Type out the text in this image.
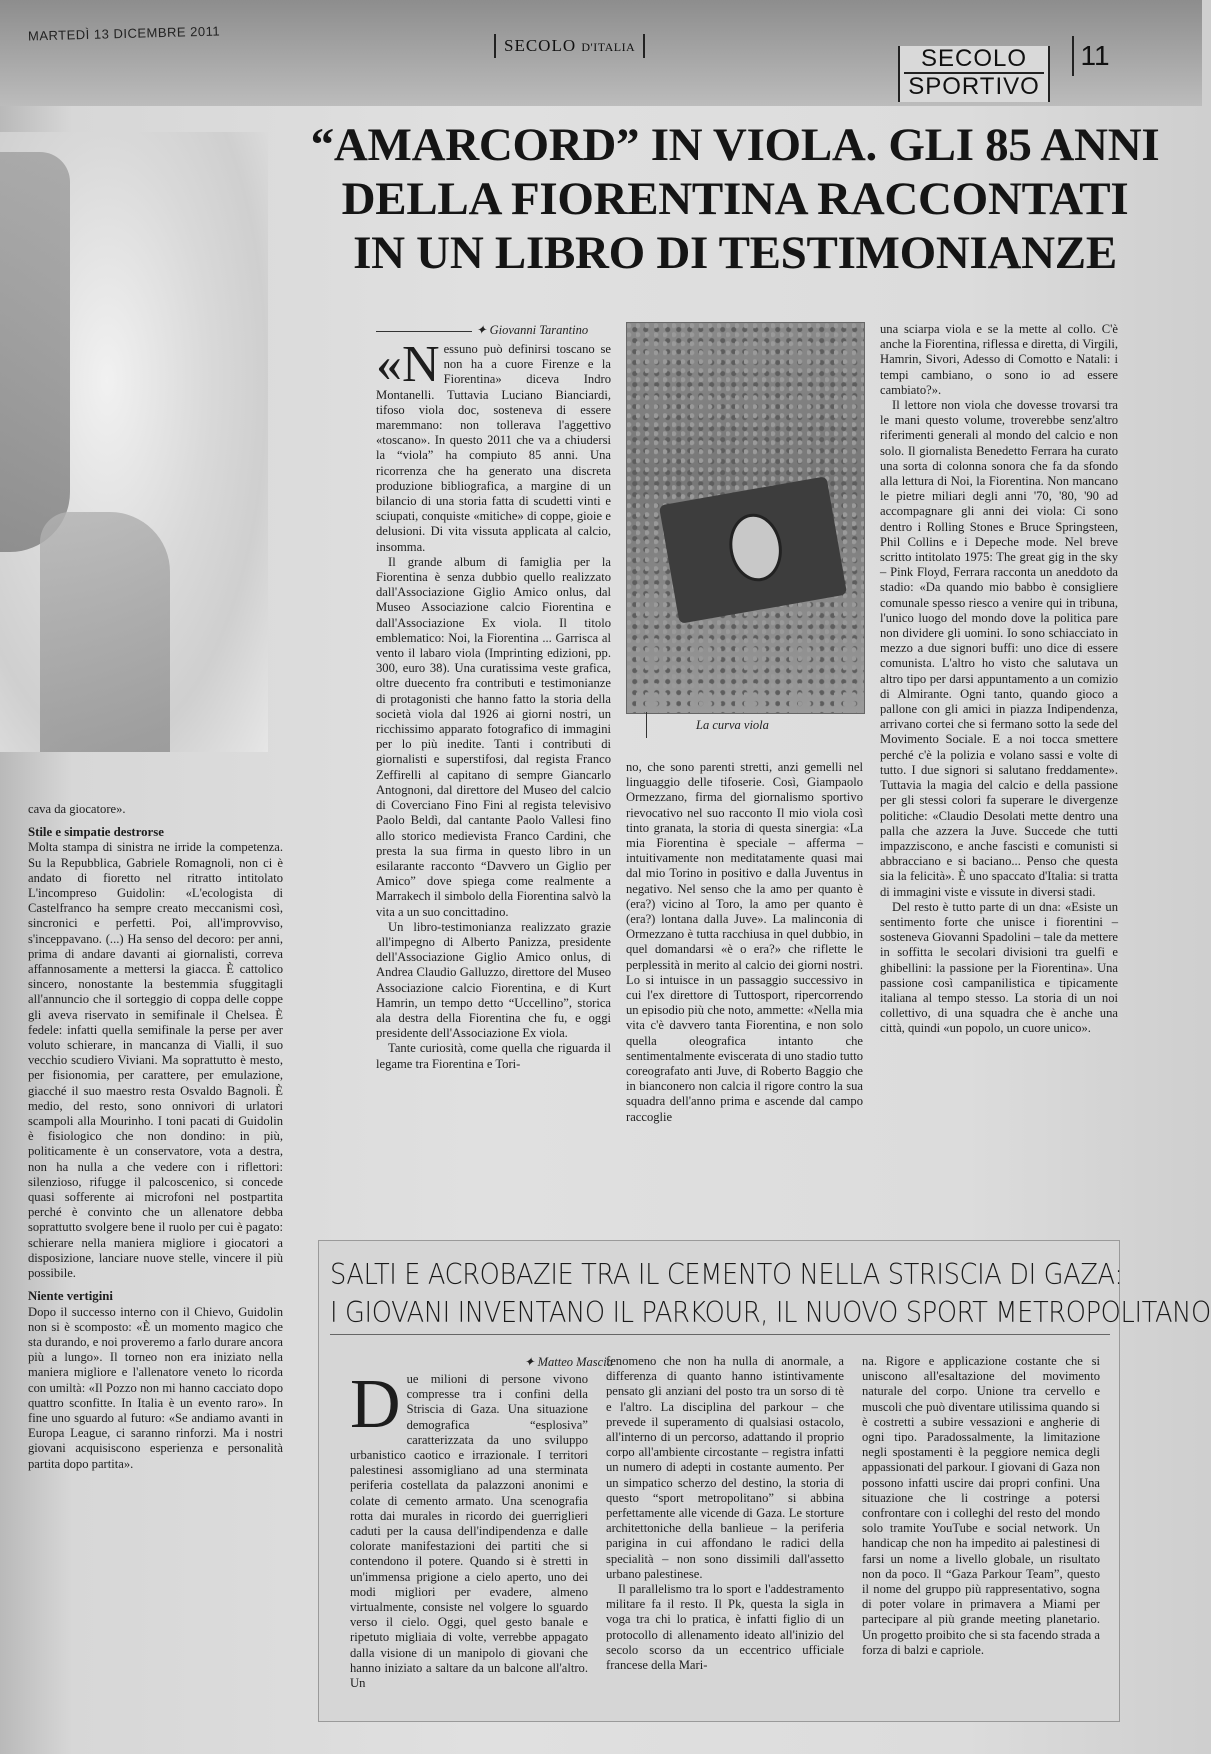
MARTEDÌ 13 DICEMBRE 2011
SECOLO D'ITALIA	SECOLO
SPORTIVO
11
“AMARCORD” IN VIOLA. GLI 85 ANNI
DELLA FIORENTINA RACCONTATI
IN UN LIBRO DI TESTIMONIANZE
✦ Giovanni Tarantino

«Nessuno può definirsi toscano se non ha a cuore Firenze e la Fiorentina» diceva Indro Montanelli. Tuttavia Luciano Bianciardi, tifoso viola doc, sosteneva di essere maremmano: non tollerava l'aggettivo «toscano». In questo 2011 che va a chiudersi la “viola” ha compiuto 85 anni. Una ricorrenza che ha generato una discreta produzione bibliografica, a margine di un bilancio di una storia fatta di scudetti vinti e sciupati, conquiste «mitiche» di coppe, gioie e delusioni. Di vita vissuta applicata al calcio, insomma.

Il grande album di famiglia per la Fiorentina è senza dubbio quello realizzato dall'Associazione Giglio Amico onlus, dal Museo Associazione calcio Fiorentina e dall'Associazione Ex viola. Il titolo emblematico: Noi, la Fiorentina ... Garrisca al vento il labaro viola (Imprinting edizioni, pp. 300, euro 38). Una curatissima veste grafica, oltre duecento fra contributi e testimonianze di protagonisti che hanno fatto la storia della società viola dal 1926 ai giorni nostri, un ricchissimo apparato fotografico di immagini per lo più inedite. Tanti i contributi di giornalisti e superstifosi, dal regista Franco Zeffirelli al capitano di sempre Giancarlo Antognoni, dal direttore del Museo del calcio di Coverciano Fino Fini al regista televisivo Paolo Beldì, dal cantante Paolo Vallesi fino allo storico medievista Franco Cardini, che presta la sua firma in questo libro in un esilarante racconto “Davvero un Giglio per Amico” dove spiega come realmente a Marrakech il simbolo della Fiorentina salvò la vita a un suo concittadino.

Un libro-testimonianza realizzato grazie all'impegno di Alberto Panizza, presidente dell'Associazione Giglio Amico onlus, di Andrea Claudio Galluzzo, direttore del Museo Associazione calcio Fiorentina, e di Kurt Hamrin, un tempo detto “Uccellino”, storica ala destra della Fiorentina che fu, e oggi presidente dell'Associazione Ex viola.

Tante curiosità, come quella che riguarda il legame tra Fiorentina e Tori-

La curva viola

no, che sono parenti stretti, anzi gemelli nel linguaggio delle tifoserie. Così, Giampaolo Ormezzano, firma del giornalismo sportivo rievocativo nel suo racconto Il mio viola così tinto granata, la storia di questa sinergia: «La mia Fiorentina è speciale – afferma – intuitivamente non meditatamente quasi mai dal mio Torino in positivo e dalla Juventus in negativo. Nel senso che la amo per quanto è (era?) vicino al Toro, la amo per quanto è (era?) lontana dalla Juve». La malinconia di Ormezzano è tutta racchiusa in quel dubbio, in quel domandarsi «è o era?» che riflette le perplessità in merito al calcio dei giorni nostri. Lo si intuisce in un passaggio successivo in cui l'ex direttore di Tuttosport, ripercorrendo un episodio più che noto, ammette: «Nella mia vita c'è davvero tanta Fiorentina, e non solo quella oleografica intanto che sentimentalmente eviscerata di uno stadio tutto coreografato anti Juve, di Roberto Baggio che in bianconero non calcia il rigore contro la sua squadra dell'anno prima e ascende dal campo raccoglie

una sciarpa viola e se la mette al collo. C'è anche la Fiorentina, riflessa e diretta, di Virgili, Hamrin, Sivori, Adesso di Comotto e Natali: i tempi cambiano, o sono io ad essere cambiato?».

Il lettore non viola che dovesse trovarsi tra le mani questo volume, troverebbe senz'altro riferimenti generali al mondo del calcio e non solo. Il giornalista Benedetto Ferrara ha curato una sorta di colonna sonora che fa da sfondo alla lettura di Noi, la Fiorentina. Non mancano le pietre miliari degli anni '70, '80, '90 ad accompagnare gli anni dei viola: Ci sono dentro i Rolling Stones e Bruce Springsteen, Phil Collins e i Depeche mode. Nel breve scritto intitolato 1975: The great gig in the sky – Pink Floyd, Ferrara racconta un aneddoto da stadio: «Da quando mio babbo è consigliere comunale spesso riesco a venire qui in tribuna, l'unico luogo del mondo dove la politica pare non dividere gli uomini. Io sono schiacciato in mezzo a due signori buffi: uno dice di essere comunista. L'altro ho visto che salutava un altro tipo per darsi appuntamento a un comizio di Almirante. Ogni tanto, quando gioco a pallone con gli amici in piazza Indipendenza, arrivano cortei che si fermano sotto la sede del Movimento Sociale. E a noi tocca smettere perché c'è la polizia e volano sassi e volte di tutto. I due signori si salutano freddamente». Tuttavia la magia del calcio e della passione per gli stessi colori fa superare le divergenze politiche: «Claudio Desolati mette dentro una palla che azzera la Juve. Succede che tutti impazziscono, e anche fascisti e comunisti si abbracciano e si baciano... Penso che questa sia la felicità». È uno spaccato d'Italia: si tratta di immagini viste e vissute in diversi stadi.

Del resto è tutto parte di un dna: «Esiste un sentimento forte che unisce i fiorentini – sosteneva Giovanni Spadolini – tale da mettere in soffitta le secolari divisioni tra guelfi e ghibellini: la passione per la Fiorentina». Una passione così campanilistica e tipicamente italiana al tempo stesso. La storia di un noi collettivo, di una squadra che è anche una città, quindi «un popolo, un cuore unico».

cava da giocatore».

Stile e simpatie destrorse

Molta stampa di sinistra ne irride la competenza. Su la Repubblica, Gabriele Romagnoli, non ci è andato di fioretto nel ritratto intitolato L'incompreso Guidolin: «L'ecologista di Castelfranco ha sempre creato meccanismi così, sincronici e perfetti. Poi, all'improvviso, s'inceppavano. (...) Ha senso del decoro: per anni, prima di andare davanti ai giornalisti, correva affannosamente a mettersi la giacca. È cattolico sincero, nonostante la bestemmia sfuggitagli all'annuncio che il sorteggio di coppa delle coppe gli aveva riservato in semifinale il Chelsea. È fedele: infatti quella semifinale la perse per aver voluto schierare, in mancanza di Vialli, il suo vecchio scudiero Viviani. Ma soprattutto è mesto, per fisionomia, per carattere, per emulazione, giacché il suo maestro resta Osvaldo Bagnoli. È medio, del resto, sono onnivori di urlatori scampoli alla Mourinho. I toni pacati di Guidolin è fisiologico che non dondino: in più, politicamente è un conservatore, vota a destra, non ha nulla a che vedere con i riflettori: silenzioso, rifugge il palcoscenico, si concede quasi sofferente ai microfoni nel postpartita perché è convinto che un allenatore debba soprattutto svolgere bene il ruolo per cui è pagato: schierare nella maniera migliore i giocatori a disposizione, lanciare nuove stelle, vincere il più possibile.

Niente vertigini

Dopo il successo interno con il Chievo, Guidolin non si è scomposto: «È un momento magico che sta durando, e noi proveremo a farlo durare ancora più a lungo». Il torneo non era iniziato nella maniera migliore e l'allenatore veneto lo ricorda con umiltà: «Il Pozzo non mi hanno cacciato dopo quattro sconfitte. In Italia è un evento raro». In fine uno sguardo al futuro: «Se andiamo avanti in Europa League, ci saranno rinforzi. Ma i nostri giovani acquisiscono esperienza e personalità partita dopo partita».

SALTI E ACROBAZIE TRA IL CEMENTO NELLA STRISCIA DI GAZA:
I GIOVANI INVENTANO IL PARKOUR, IL NUOVO SPORT METROPOLITANO
✦ Matteo Mascia

Due milioni di persone vivono compresse tra i confini della Striscia di Gaza. Una situazione demografica “esplosiva” caratterizzata da uno sviluppo urbanistico caotico e irrazionale. I territori palestinesi assomigliano ad una sterminata periferia costellata da palazzoni anonimi e colate di cemento armato. Una scenografia rotta dai murales in ricordo dei guerriglieri caduti per la causa dell'indipendenza e dalle colorate manifestazioni dei partiti che si contendono il potere. Quando si è stretti in un'immensa prigione a cielo aperto, uno dei modi migliori per evadere, almeno virtualmente, consiste nel volgere lo sguardo verso il cielo. Oggi, quel gesto banale e ripetuto migliaia di volte, verrebbe appagato dalla visione di un manipolo di giovani che hanno iniziato a saltare da un balcone all'altro. Un

fenomeno che non ha nulla di anormale, a differenza di quanto hanno istintivamente pensato gli anziani del posto tra un sorso di tè e l'altro. La disciplina del parkour – che prevede il superamento di qualsiasi ostacolo, all'interno di un percorso, adattando il proprio corpo all'ambiente circostante – registra infatti un numero di adepti in costante aumento. Per un simpatico scherzo del destino, la storia di questo “sport metropolitano” si abbina perfettamente alle vicende di Gaza. Le storture architettoniche della banlieue – la periferia parigina in cui affondano le radici della specialità – non sono dissimili dall'assetto urbano palestinese.

Il parallelismo tra lo sport e l'addestramento militare fa il resto. Il Pk, questa la sigla in voga tra chi lo pratica, è infatti figlio di un protocollo di allenamento ideato all'inizio del secolo scorso da un eccentrico ufficiale francese della Mari-

na. Rigore e applicazione costante che si uniscono all'esaltazione del movimento naturale del corpo. Unione tra cervello e muscoli che può diventare utilissima quando si è costretti a subire vessazioni e angherie di ogni tipo. Paradossalmente, la limitazione negli spostamenti è la peggiore nemica degli appassionati del parkour. I giovani di Gaza non possono infatti uscire dai propri confini. Una situazione che li costringe a potersi confrontare con i colleghi del resto del mondo solo tramite YouTube e social network. Un handicap che non ha impedito ai palestinesi di farsi un nome a livello globale, un risultato non da poco. Il “Gaza Parkour Team”, questo il nome del gruppo più rappresentativo, sogna di poter volare in primavera a Miami per partecipare al più grande meeting planetario. Un progetto proibito che si sta facendo strada a forza di balzi e capriole.
